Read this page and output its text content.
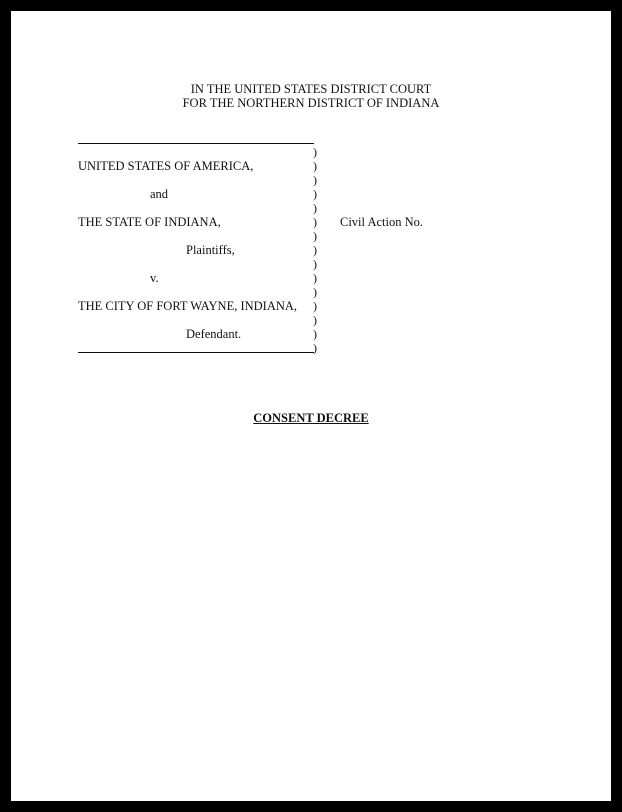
IN THE UNITED STATES DISTRICT COURT
FOR THE NORTHERN DISTRICT OF INDIANA
UNITED STATES OF AMERICA,
and
THE STATE OF INDIANA,
Plaintiffs,
v.
THE CITY OF FORT WAYNE, INDIANA,
Defendant.
)
)
)
)
)
)
)
)
)
)
)
)
)
)
)
Civil Action No.
CONSENT DECREE
